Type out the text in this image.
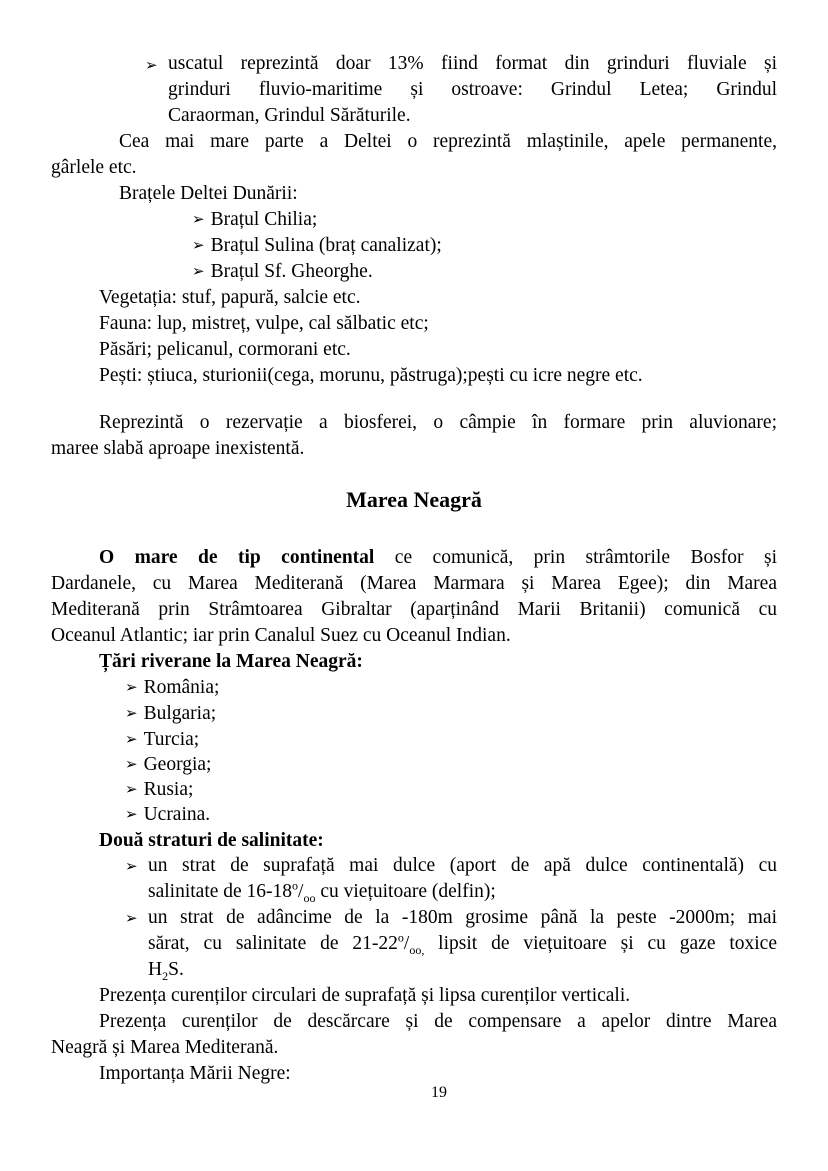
➢ uscatul reprezintă doar 13% fiind format din grinduri fluviale și
grinduri fluvio-maritime și ostroave: Grindul Letea; Grindul
Caraorman, Grindul Sărăturile.
Cea mai mare parte a Deltei o reprezintă mlaștinile, apele permanente,
gârlele etc.
Brațele Deltei Dunării:
➢ Brațul Chilia;
➢ Brațul Sulina (braț canalizat);
➢ Brațul Sf. Gheorghe.
Vegetația: stuf, papură, salcie etc.
Fauna: lup, mistreț, vulpe, cal sălbatic etc;
Păsări; pelicanul, cormorani etc.
Pești: știuca, sturionii(cega, morunu, păstruga);pești cu icre negre etc.
Reprezintă o rezervație a biosferei, o câmpie în formare prin aluvionare;
maree slabă aproape inexistentă.
Marea Neagră
O mare de tip continental ce comunică, prin strâmtorile Bosfor și
Dardanele, cu Marea Mediterană (Marea Marmara și Marea Egee); din Marea
Mediterană prin Strâmtoarea Gibraltar (aparținând Marii Britanii) comunică cu
Oceanul Atlantic; iar prin Canalul Suez cu Oceanul Indian.
Țări riverane la Marea Neagră:
➢ România;
➢ Bulgaria;
➢ Turcia;
➢ Georgia;
➢ Rusia;
➢ Ucraina.
Două straturi de salinitate:
➢ un strat de suprafață mai dulce (aport de apă dulce continentală) cu
salinitate de $16-18^o/_{oo}$ cu viețuitoare (delfin);
➢ un strat de adâncime de la -180m grosime până la peste -2000m; mai
sărat, cu salinitate de $21-22^o/_{oo,}$ lipsit de viețuitoare și cu gaze toxice
$H_2S$.
Prezența curenților circulari de suprafață și lipsa curenților verticali.
Prezența curenților de descărcare și de compensare a apelor dintre Marea
Neagră și Marea Mediterană.
Importanța Mării Negre:
19
